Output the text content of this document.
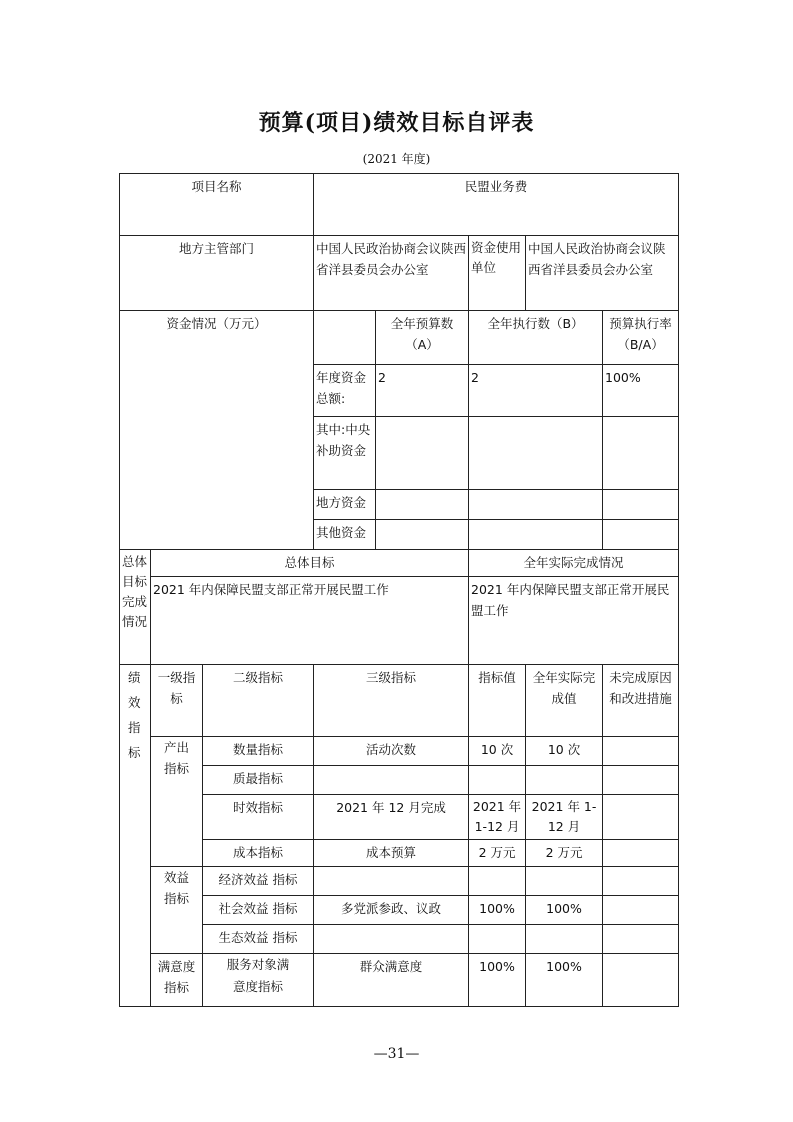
预算(项目)绩效目标自评表
(2021 年度)
项目名称			民盟业务费				
地方主管部门			中国人民政治协商会议陕西省洋县委员会办公室		资金使用单位	中国人民政治协商会议陕西省洋县委员会办公室	
资金情况（万元）				全年预算数（A）	全年执行数（B）		预算执行率（B/A）
			年度资金总额:	2	2		100%
			其中:中央补助资金				
			地方资金				
			其他资金				
总体目标完成情况	总体目标				全年实际完成情况		
	2021 年内保障民盟支部正常开展民盟工作				2021 年内保障民盟支部正常开展民盟工作		
绩效指标	一级指标	二级指标	三级指标		指标值	全年实际完成值	未完成原因和改进措施
	产出指标	数量指标	活动次数		10 次	10 次	
		质最指标					
		时效指标	2021 年 12 月完成		2021 年 1-12 月	2021 年 1-12 月	
		成本指标	成本预算		2 万元	2 万元	
	效益指标	经济效益 指标					
		社会效益 指标	多党派参政、议政		100%	100%	
		生态效益 指标					
	满意度指标	服务对象满意度指标	群众满意度		100%	100%	
—31—
